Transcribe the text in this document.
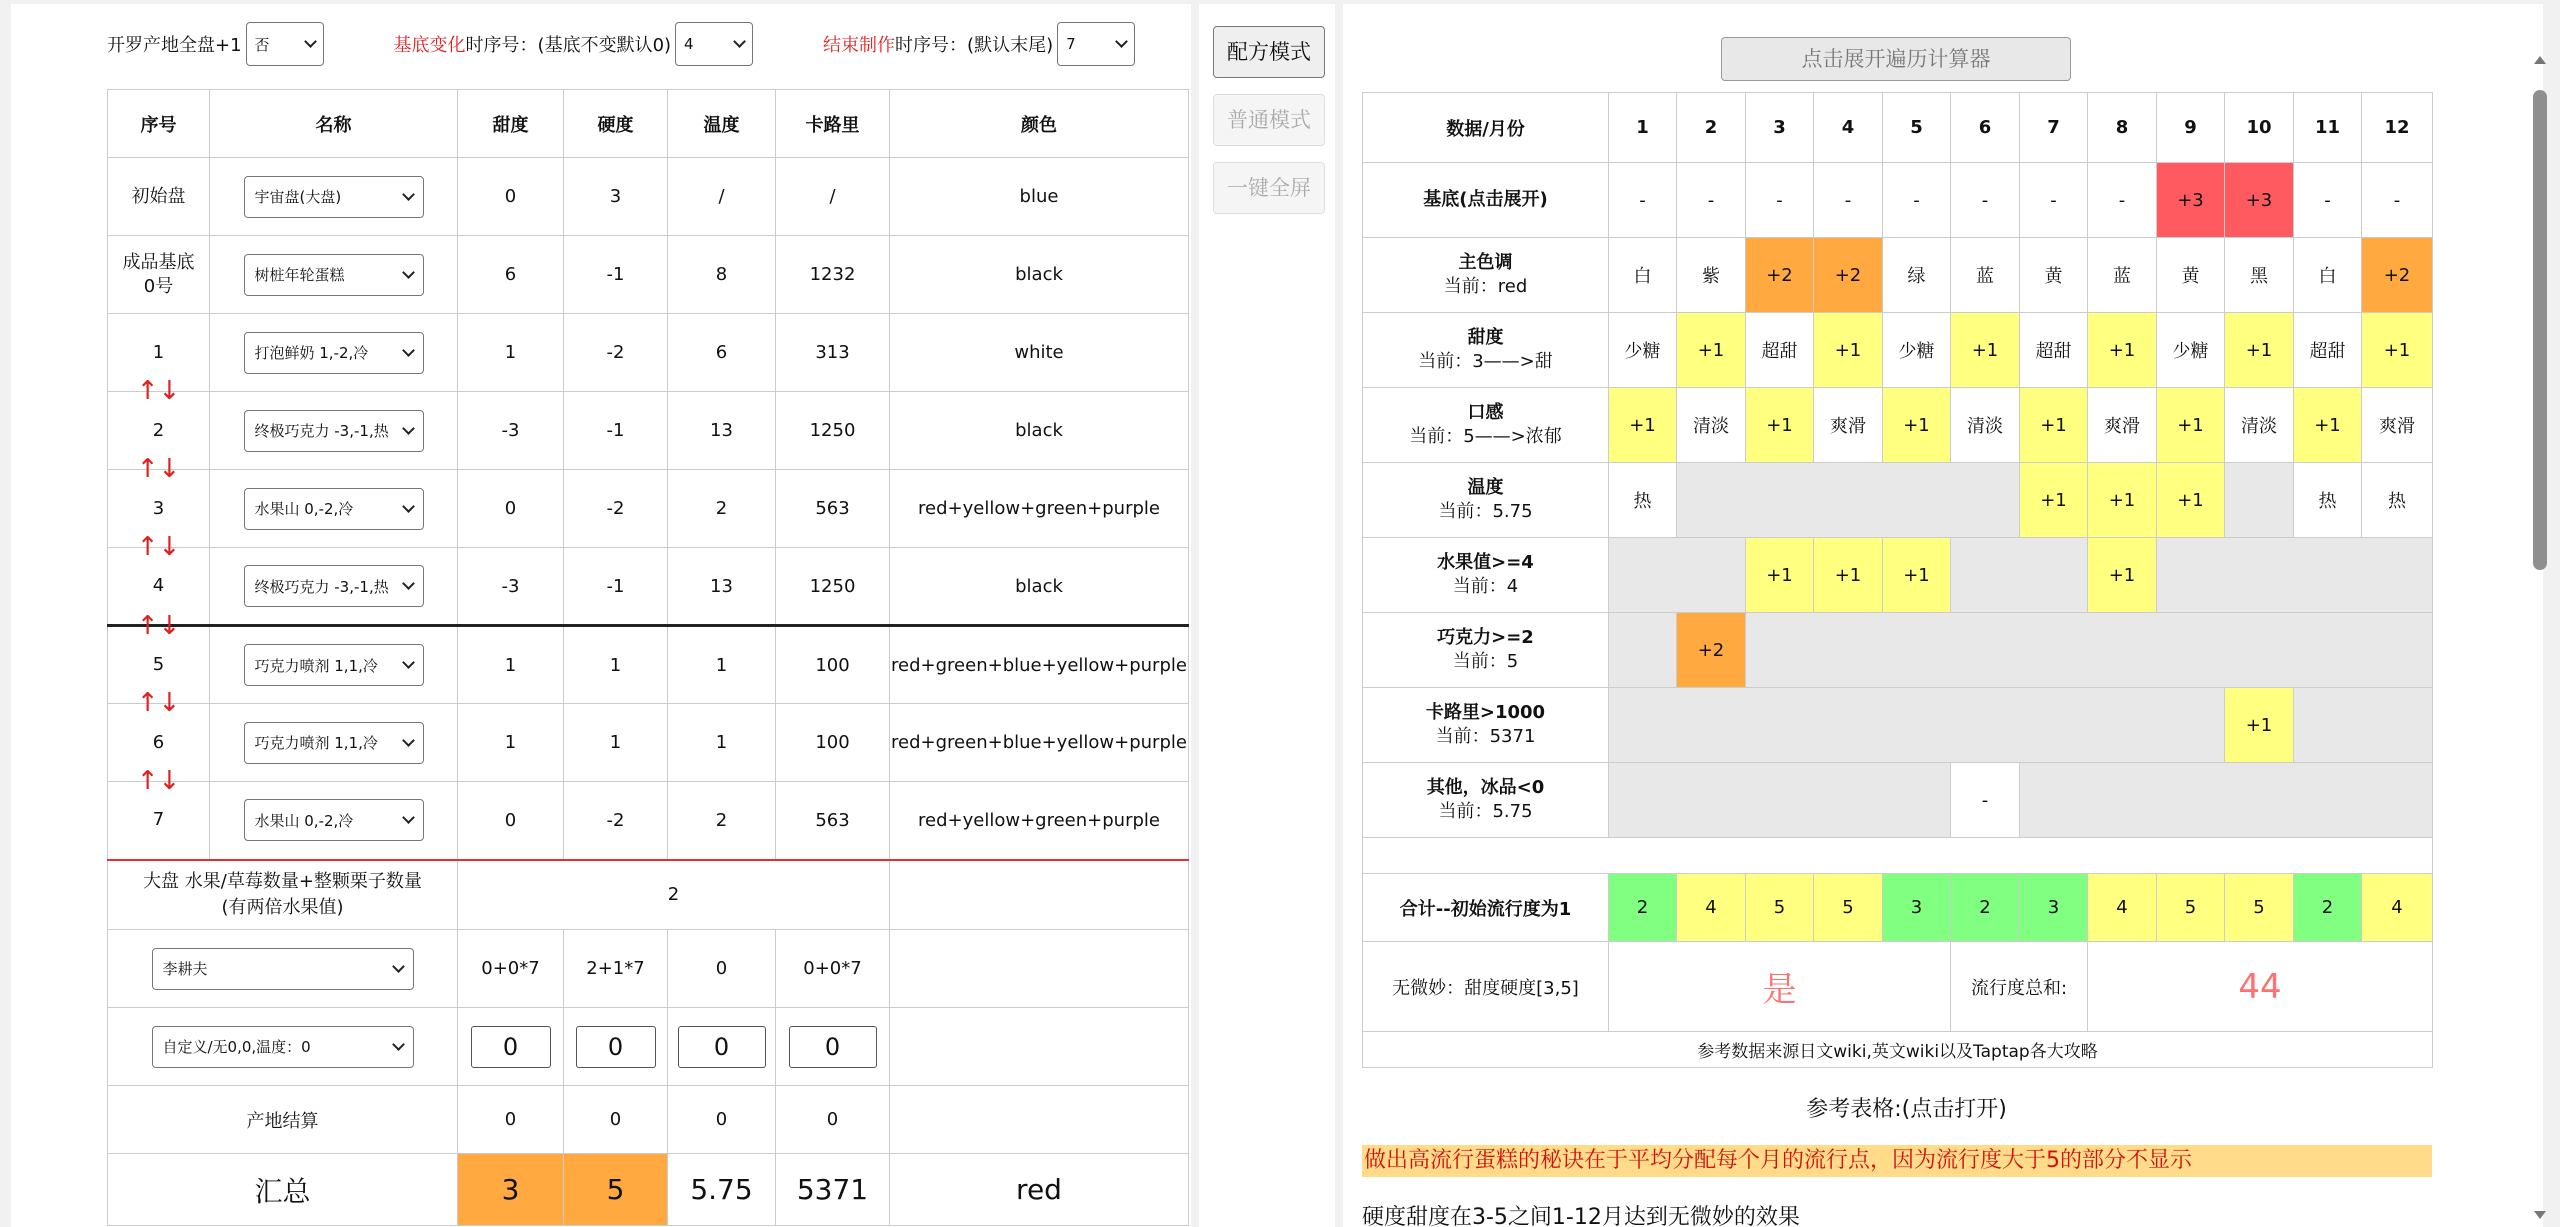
开罗产地全盘+1 否	基底变化 时序号：(基底不变默认0) 4	结束制作 时序号：(默认末尾) 7
序号	名称	甜度	硬度	温度	卡路里	颜色
初始盘	宇宙盘(大盘)	0	3	/	/	blue
成品基底
0号	树桩年轮蛋糕	6	-1	8	1232	black
1	打泡鲜奶 1,-2,冷	1	-2	6	313	white

↑↓
2	终极巧克力 -3,-1,热	-3	-1	13	1250	black

↑↓
3	水果山 0,-2,冷	0	-2	2	563	red+yellow+green+purple

↑↓
4	终极巧克力 -3,-1,热	-3	-1	13	1250	black

↑↓
5	巧克力喷剂 1,1,冷	1	1	1	100	red+green+blue+yellow+purple

↑↓
6	巧克力喷剂 1,1,冷	1	1	1	100	red+green+blue+yellow+purple

↑↓
7	水果山 0,-2,冷	0	-2	2	563	red+yellow+green+purple
大盘 水果/草莓数量+整颗栗子数量
(有两倍水果值)		2				

李耕夫		0+0*7	2+1*7	0	0+0*7	

自定义/无0,0,温度：0		0	0	0	0	
产地结算		0	0	0	0	
汇总		3	5	5.75	5371	red
配方模式
普通模式
一键全屏
点击展开遍历计算器
数据/月份	1	2	3	4	5	6	7	8	9	10	11	12

基底(点击展开)	-	-	-	-	-	-	-	-	+3	+3	-	-

主色调
当前：red	白	紫	+2	+2	绿	蓝	黄	蓝	黄	黑	白	+2

甜度
当前：3——>甜	少糖	+1	超甜	+1	少糖	+1	超甜	+1	少糖	+1	超甜	+1

口感
当前：5——>浓郁	+1	清淡	+1	爽滑	+1	清淡	+1	爽滑	+1	清淡	+1	爽滑

温度
当前：5.75	热						+1	+1	+1		热	热

水果值>=4
当前：4			+1	+1	+1			+1				

巧克力>=2
当前：5		+2										

卡路里>1000
当前：5371										+1		

其他，冰品<0
当前：5.75						-						

合计--初始流行度为1	2	4	5	5	3	2	3	4	5	5	2	4
无微妙：甜度硬度[3,5]	是					流行度总和:		44				
参考数据来源日文wiki,英文wiki以及Taptap各大攻略												
参考表格:(点击打开)
做出高流行蛋糕的秘诀在于平均分配每个月的流行点，因为流行度大于5的部分不显示
硬度甜度在3-5之间1-12月达到无微妙的效果
